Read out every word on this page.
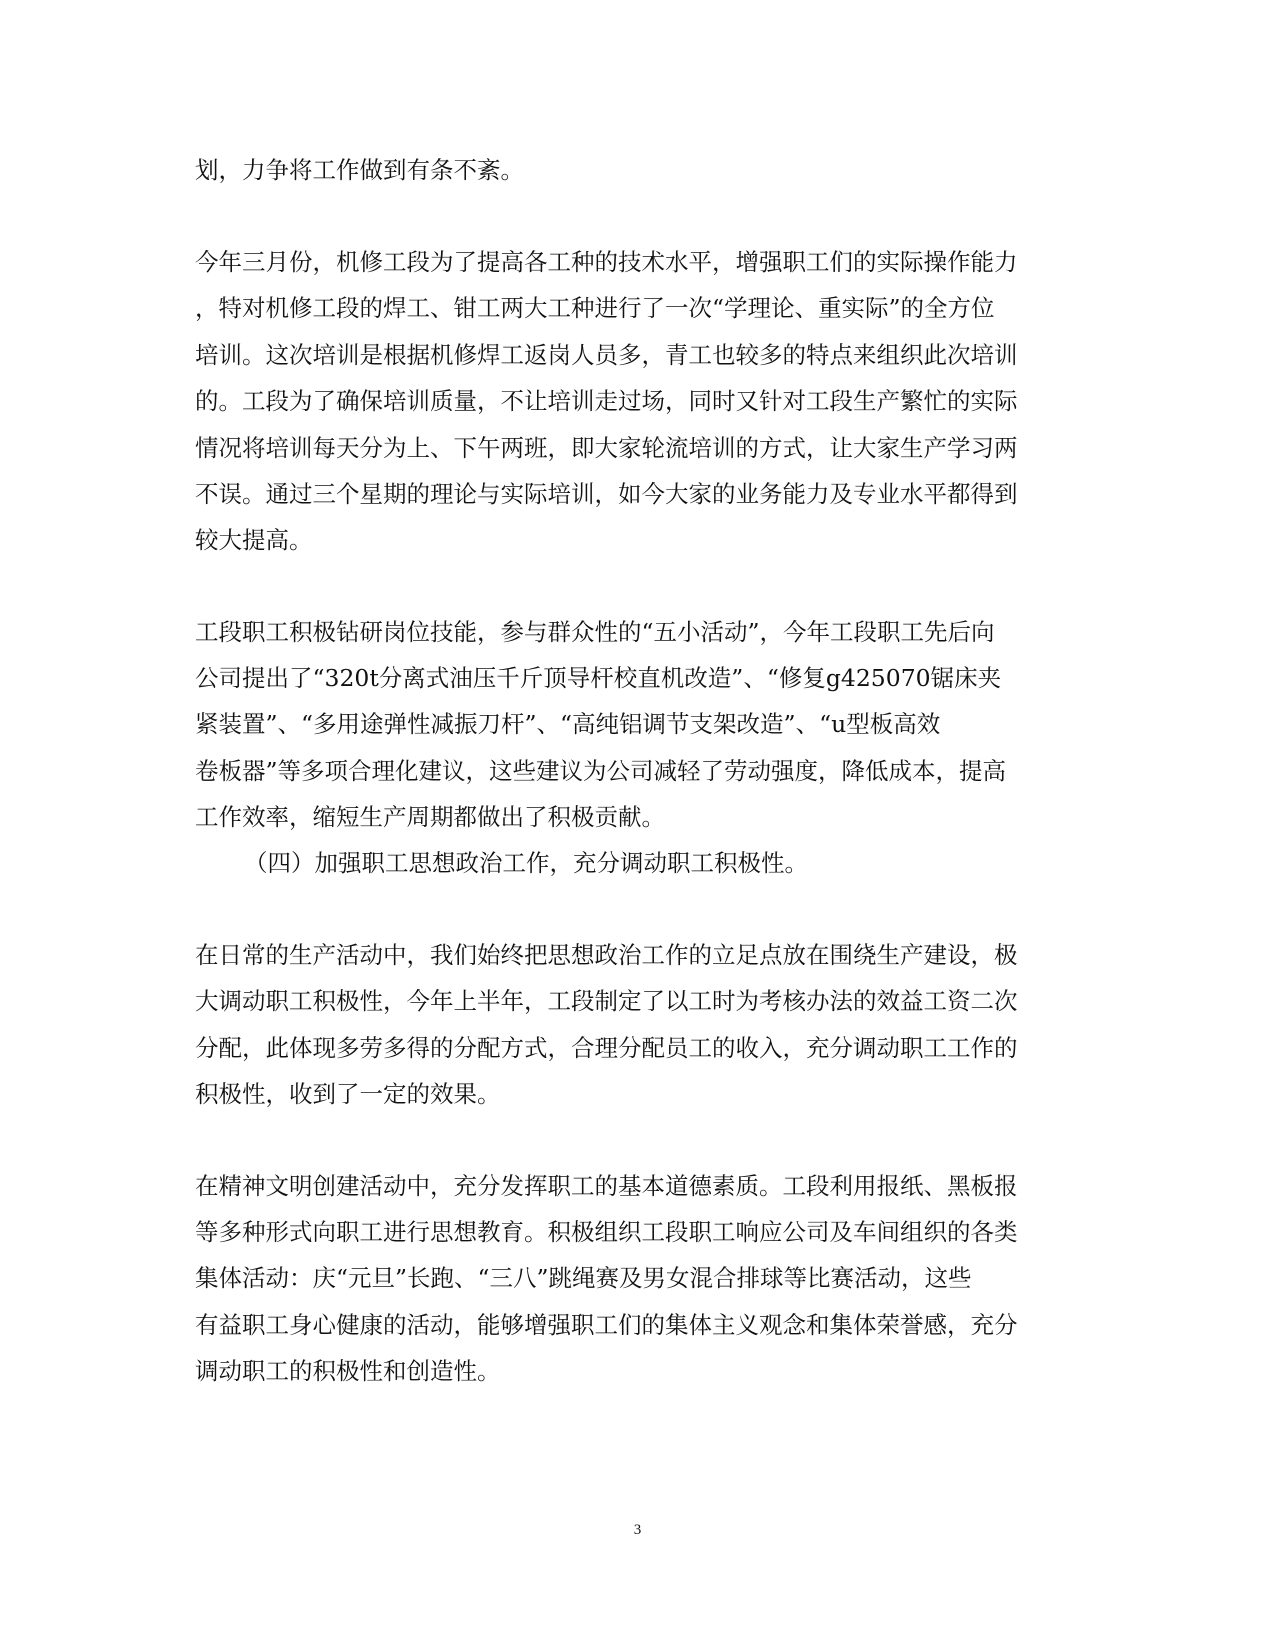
划，力争将工作做到有条不紊。
今年三月份，机修工段为了提高各工种的技术水平，增强职工们的实际操作能力
，特对机修工段的焊工、钳工两大工种进行了一次“学理论、重实际”的全方位
培训。这次培训是根据机修焊工返岗人员多，青工也较多的特点来组织此次培训
的。工段为了确保培训质量，不让培训走过场，同时又针对工段生产繁忙的实际
情况将培训每天分为上、下午两班，即大家轮流培训的方式，让大家生产学习两
不误。通过三个星期的理论与实际培训，如今大家的业务能力及专业水平都得到
较大提高。
工段职工积极钻研岗位技能，参与群众性的“五小活动”，今年工段职工先后向
公司提出了“320t分离式油压千斤顶导杆校直机改造”、“修复g425070锯床夹
紧装置”、“多用途弹性减振刀杆”、“高纯铝调节支架改造”、“u型板高效
卷板器”等多项合理化建议，这些建议为公司减轻了劳动强度，降低成本，提高
工作效率，缩短生产周期都做出了积极贡献。
（四）加强职工思想政治工作，充分调动职工积极性。
在日常的生产活动中，我们始终把思想政治工作的立足点放在围绕生产建设，极
大调动职工积极性，今年上半年，工段制定了以工时为考核办法的效益工资二次
分配，此体现多劳多得的分配方式，合理分配员工的收入，充分调动职工工作的
积极性，收到了一定的效果。
在精神文明创建活动中，充分发挥职工的基本道德素质。工段利用报纸、黑板报
等多种形式向职工进行思想教育。积极组织工段职工响应公司及车间组织的各类
集体活动：庆“元旦”长跑、“三八”跳绳赛及男女混合排球等比赛活动，这些
有益职工身心健康的活动，能够增强职工们的集体主义观念和集体荣誉感，充分
调动职工的积极性和创造性。
3
